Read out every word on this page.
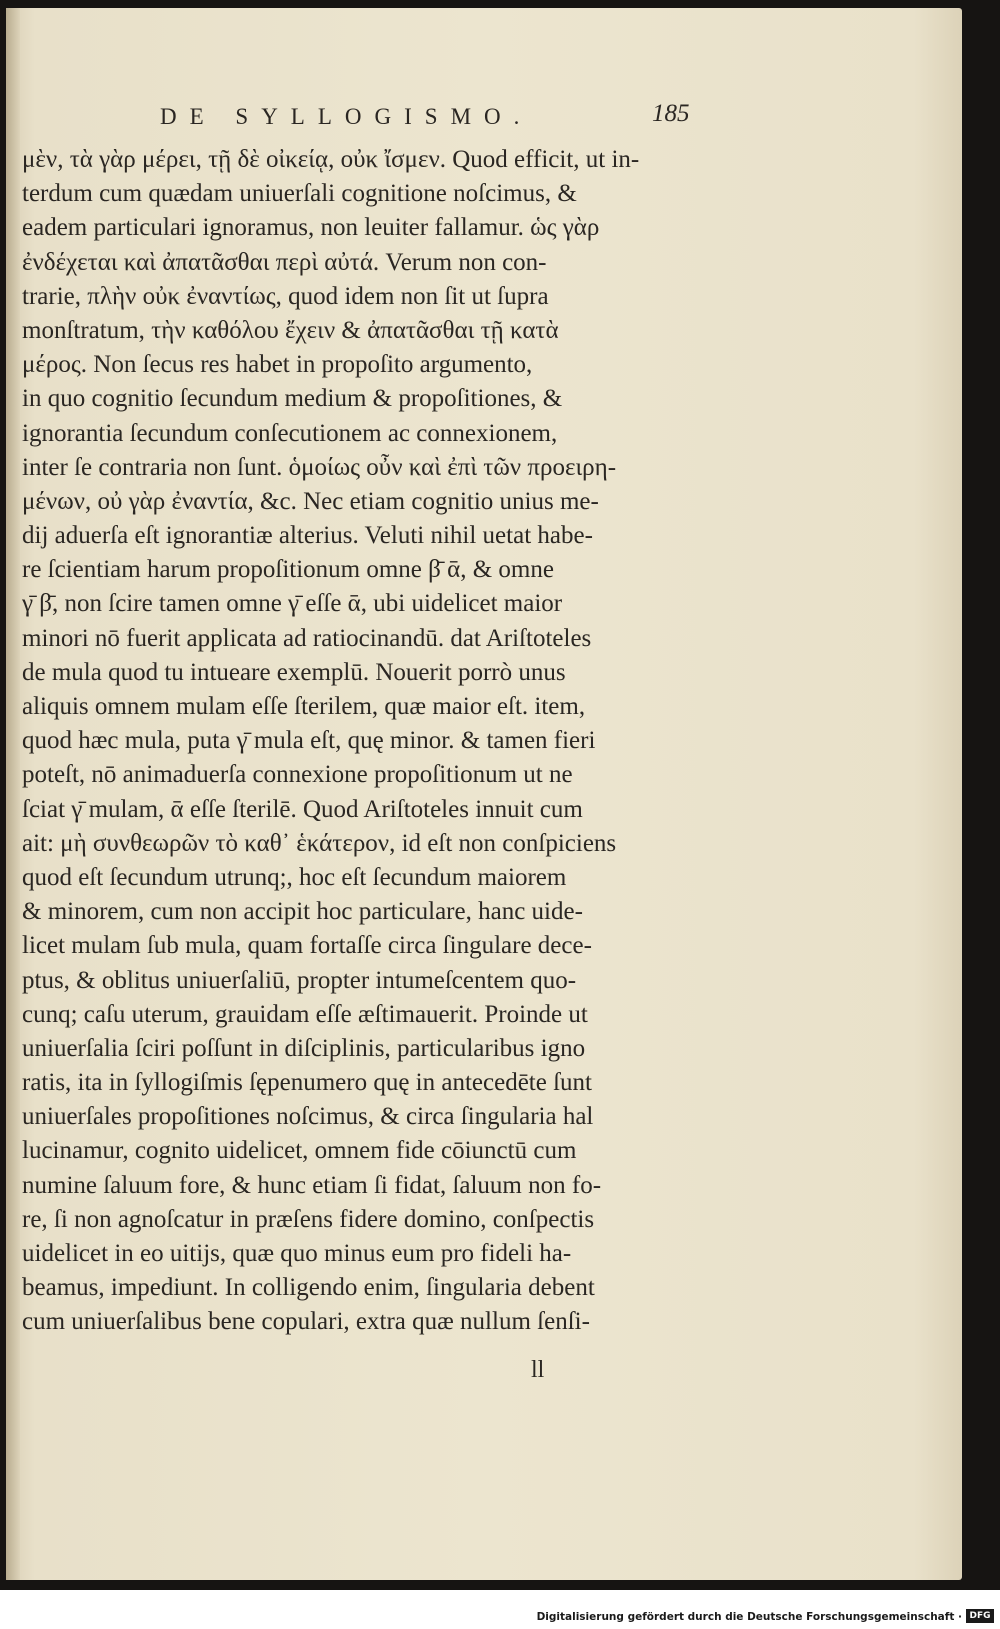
DE SYLLOGISMO.	185
μὲν, τὰ γὰρ μέρει, τῇ δὲ οἰκείᾳ, οὐκ ἴσμεν. Quod efficit, ut in-
terdum cum quædam uniuerſali cognitione noſcimus, &
eadem particulari ignoramus, non leuiter fallamur. ὡς γὰρ
ἐνδέχεται καὶ ἀπατᾶσθαι περὶ αὐτά. Verum non con-
trarie, πλὴν οὐκ ἐναντίως, quod idem non ſit ut ſupra
monſtratum, τὴν καθόλου ἔχειν & ἀπατᾶσθαι τῇ κατὰ
μέρος. Non ſecus res habet in propoſito argumento,
in quo cognitio ſecundum medium & propoſitiones, &
ignorantia ſecundum conſecutionem ac connexionem,
inter ſe contraria non ſunt. ὁμοίως οὖν καὶ ἐπὶ τῶν προειρη-
μένων, οὐ γὰρ ἐναντία, &c. Nec etiam cognitio unius me-
dij aduerſa eſt ignorantiæ alterius. Veluti nihil uetat habe-
re ſcientiam harum propoſitionum omne β̄ ᾱ, & omne
γ̄ β̄, non ſcire tamen omne γ̄ eſſe ᾱ, ubi uidelicet maior
minori nō fuerit applicata ad ratiocinandū. dat Ariſtoteles
de mula quod tu intueare exemplū. Nouerit porrò unus
aliquis omnem mulam eſſe ſterilem, quæ maior eſt. item,
quod hæc mula, puta γ̄ mula eſt, quę minor. & tamen fieri
poteſt, nō animaduerſa connexione propoſitionum ut ne
ſciat γ̄ mulam, ᾱ eſſe ſterilē. Quod Ariſtoteles innuit cum
ait: μὴ συνθεωρῶν τὸ καθ᾽ ἑκάτερον, id eſt non conſpiciens
quod eſt ſecundum utrunq;, hoc eſt ſecundum maiorem
& minorem, cum non accipit hoc particulare, hanc uide-
licet mulam ſub mula, quam fortaſſe circa ſingulare dece-
ptus, & oblitus uniuerſaliū, propter intumeſcentem quo-
cunq; caſu uterum, grauidam eſſe æſtimauerit. Proinde ut
uniuerſalia ſciri poſſunt in diſciplinis, particularibus igno
ratis, ita in ſyllogiſmis ſępenumero quę in antecedēte ſunt
uniuerſales propoſitiones noſcimus, & circa ſingularia hal
lucinamur, cognito uidelicet, omnem fide cōiunctū cum
numine ſaluum fore, & hunc etiam ſi fidat, ſaluum non fo-
re, ſi non agnoſcatur in præſens fidere domino, conſpectis
uidelicet in eo uitijs, quæ quo minus eum pro fideli ha-
beamus, impediunt. In colligendo enim, ſingularia debent
cum uniuerſalibus bene copulari, extra quæ nullum ſenſi-
ll
Digitalisierung gefördert durch die Deutsche Forschungsgemeinschaft · DFG
